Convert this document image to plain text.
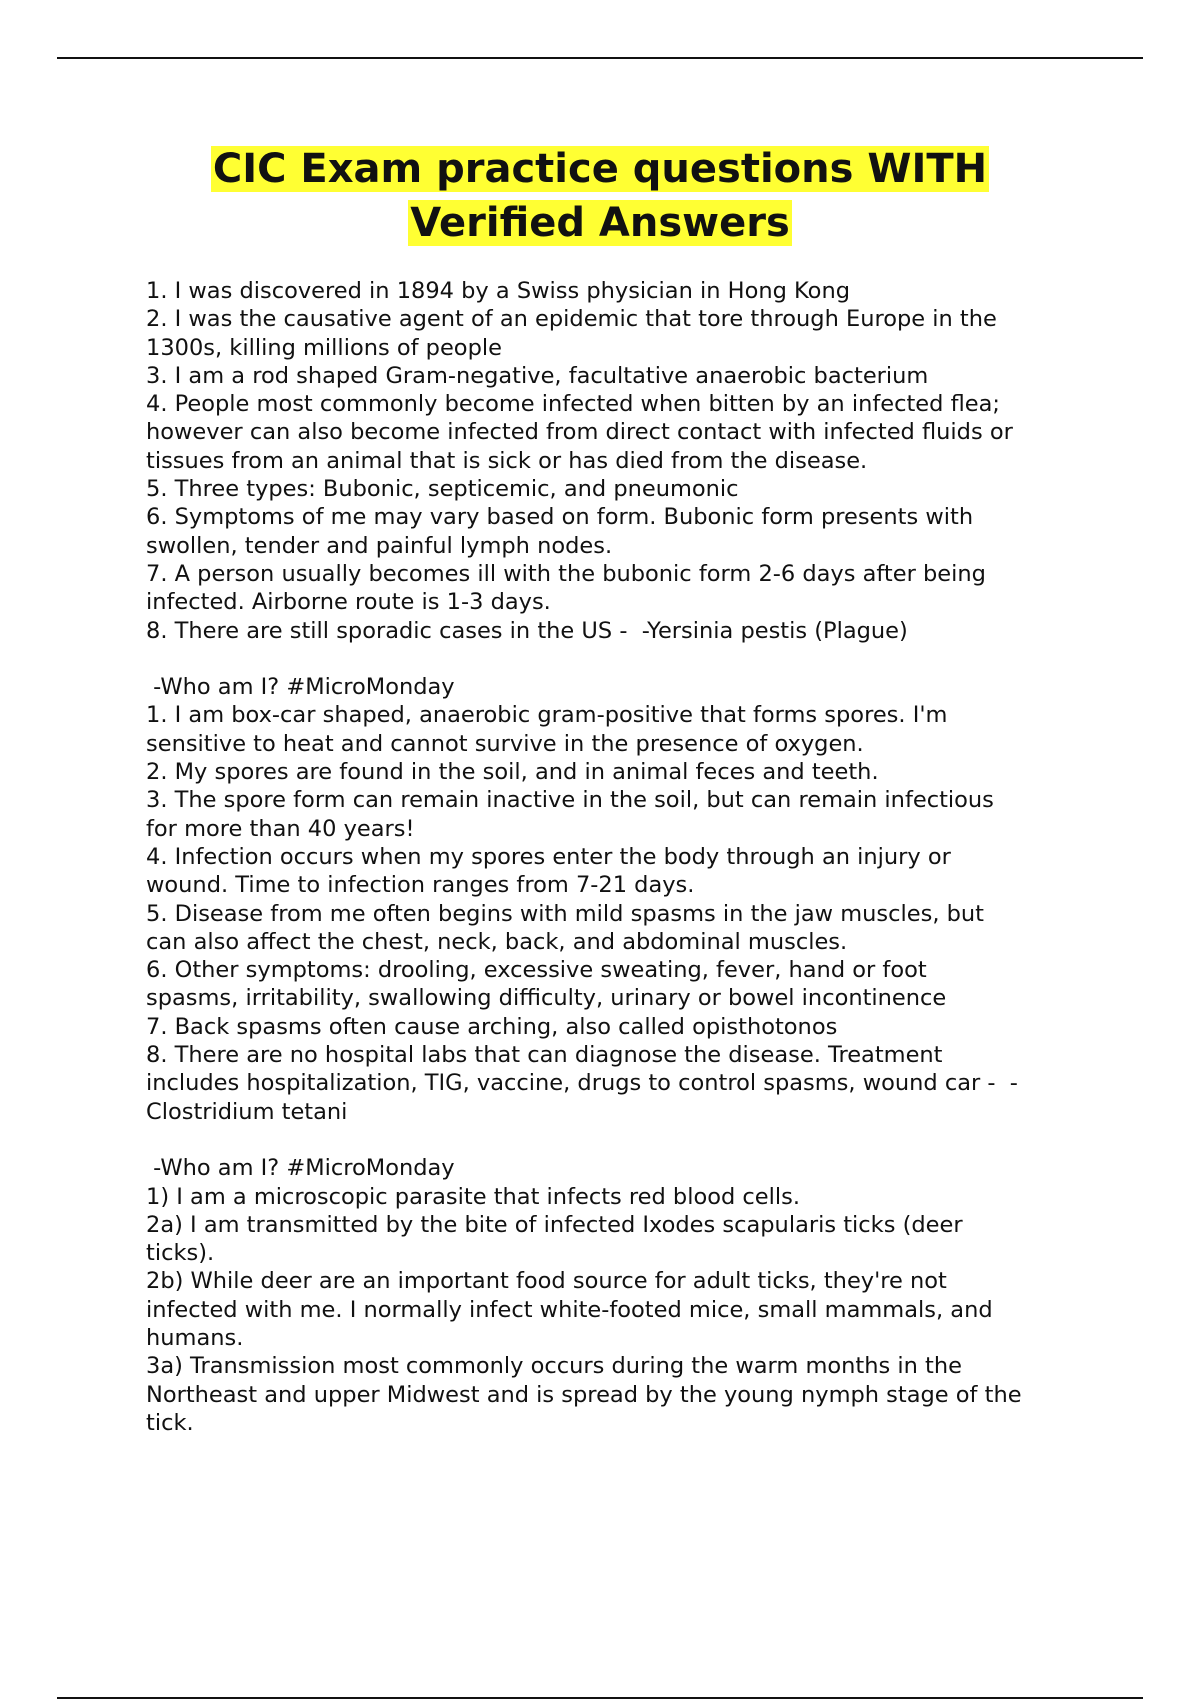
CIC Exam practice questions WITH
Verified Answers
1. I was discovered in 1894 by a Swiss physician in Hong Kong
2. I was the causative agent of an epidemic that tore through Europe in the
1300s, killing millions of people
3. I am a rod shaped Gram-negative, facultative anaerobic bacterium
4. People most commonly become infected when bitten by an infected flea;
however can also become infected from direct contact with infected fluids or
tissues from an animal that is sick or has died from the disease.
5. Three types: Bubonic, septicemic, and pneumonic
6. Symptoms of me may vary based on form. Bubonic form presents with
swollen, tender and painful lymph nodes.
7. A person usually becomes ill with the bubonic form 2-6 days after being
infected. Airborne route is 1-3 days.
8. There are still sporadic cases in the US -  -Yersinia pestis (Plague)
-Who am I? #MicroMonday
1. I am box-car shaped, anaerobic gram-positive that forms spores. I'm
sensitive to heat and cannot survive in the presence of oxygen.
2. My spores are found in the soil, and in animal feces and teeth.
3. The spore form can remain inactive in the soil, but can remain infectious
for more than 40 years!
4. Infection occurs when my spores enter the body through an injury or
wound. Time to infection ranges from 7-21 days.
5. Disease from me often begins with mild spasms in the jaw muscles, but
can also affect the chest, neck, back, and abdominal muscles.
6. Other symptoms: drooling, excessive sweating, fever, hand or foot
spasms, irritability, swallowing difficulty, urinary or bowel incontinence
7. Back spasms often cause arching, also called opisthotonos
8. There are no hospital labs that can diagnose the disease. Treatment
includes hospitalization, TIG, vaccine, drugs to control spasms, wound car -  -
Clostridium tetani
-Who am I? #MicroMonday
1) I am a microscopic parasite that infects red blood cells.
2a) I am transmitted by the bite of infected Ixodes scapularis ticks (deer
ticks).
2b) While deer are an important food source for adult ticks, they're not
infected with me. I normally infect white-footed mice, small mammals, and
humans.
3a) Transmission most commonly occurs during the warm months in the
Northeast and upper Midwest and is spread by the young nymph stage of the
tick.
